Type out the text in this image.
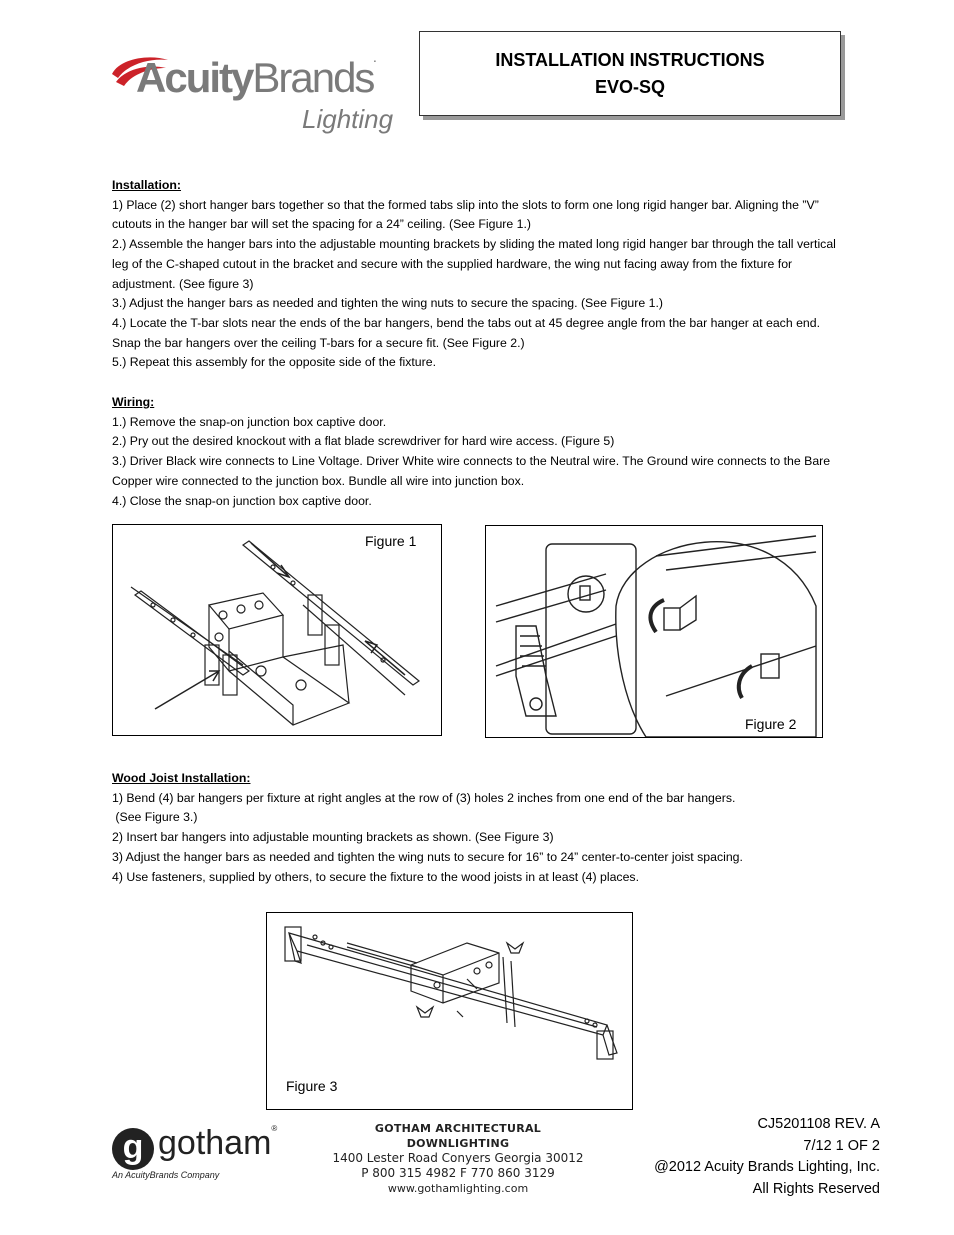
AcuityBrands.
Lighting
INSTALLATION INSTRUCTIONS
EVO-SQ

Installation:

1) Place (2) short hanger bars together so that the formed tabs slip into the slots to form one long rigid hanger bar. Aligning the ”V” cutouts in the hanger bar will set the spacing for a 24” ceiling. (See Figure 1.)

2.) Assemble the hanger bars into the adjustable mounting brackets by sliding the mated long rigid hanger bar through the tall vertical leg of the C-shaped cutout in the bracket and secure with the supplied hardware, the wing nut facing away from the fixture for adjustment. (See figure 3)

3.) Adjust the hanger bars as needed and tighten the wing nuts to secure the spacing. (See Figure 1.)

4.) Locate the T-bar slots near the ends of the bar hangers, bend the tabs out at 45 degree angle from the bar hanger at each end. Snap the bar hangers over the ceiling T-bars for a secure fit. (See Figure 2.)

5.) Repeat this assembly for the opposite side of the fixture.

Wiring:

1.) Remove the snap-on junction box captive door.

2.) Pry out the desired knockout with a flat blade screwdriver for hard wire access. (Figure 5)

3.) Driver Black wire connects to Line Voltage. Driver White wire connects to the Neutral wire. The Ground wire connects to the Bare Copper wire connected to the junction box. Bundle all wire into junction box.

4.) Close the snap-on junction box captive door.

Figure 1
Figure 2

Wood Joist Installation:

1) Bend (4) bar hangers per fixture at right angles at the row of (3) holes 2 inches from one end of the bar hangers.

(See Figure 3.)

2) Insert bar hangers into adjustable mounting brackets as shown. (See Figure 3)

3) Adjust the hanger bars as needed and tighten the wing nuts to secure for 16” to 24” center-to-center joist spacing.

4) Use fasteners, supplied by others, to secure the fixture to the wood joists in at least (4) places.

Figure 3
g gotham®
An AcuityBrands Company
GOTHAM ARCHITECTURAL DOWNLIGHTING
1400 Lester Road Conyers Georgia 30012
P 800 315 4982 F 770 860 3129
www.gothamlighting.com
CJ5201108 REV. A
7/12 1 OF 2
@2012 Acuity Brands Lighting, Inc.
All Rights Reserved
